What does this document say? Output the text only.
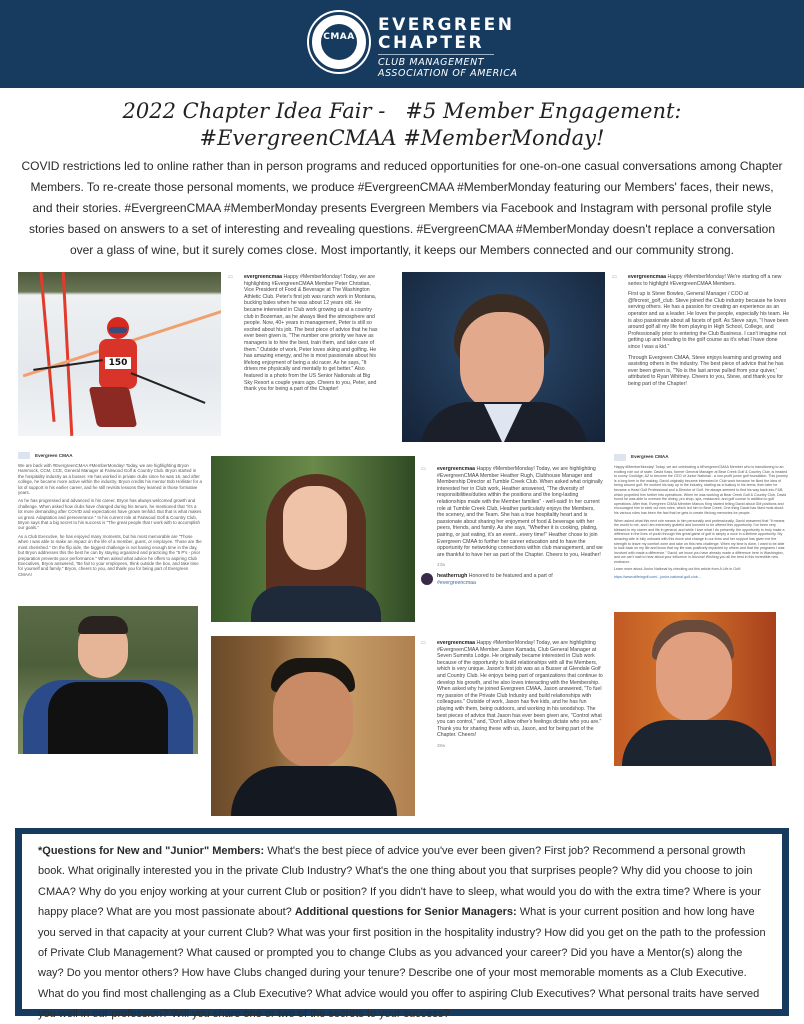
CMAA
EVERGREEN
CHAPTER
CLUB MANAGEMENT
ASSOCIATION OF AMERICA
2022 Chapter Idea Fair -   #5 Member Engagement:
#EvergreenCMAA #MemberMonday!
COVID restrictions led to online rather than in person programs and reduced opportunities for one-on-one casual conversations among Chapter Members. To re-create those personal moments, we produce #EvergreenCMAA #MemberMonday featuring our Members' faces, their news, and their stories. #EvergreenCMAA #MemberMonday presents Evergreen Members via Facebook and Instagram with personal profile style stories based on answers to a set of interesting and revealing questions. #EvergreenCMAA #MemberMonday doesn't replace a conversation over a glass of wine, but it surely comes close. Most importantly, it keeps our Members connected and our community strong.
150
▭	evergreencmaa Happy #MemberMonday! Today, we are highlighting #EvergreenCMAA Member Peter Christian, Vice President of Food & Beverage at The Washington Athletic Club. Peter's first job was ranch work in Montana, bucking bales when he was about 12 years old. He became interested in Club work growing up at a country club in Bozeman, as he always liked the atmosphere and people. Now, 40+ years in management, Peter is still so excited about his job. The best piece of advice that he has ever been given is, "The number one priority we have as managers is to hire the best, train them, and take care of them." Outside of work, Peter loves skiing and golfing. He has amazing energy, and he is most passionate about his lifelong enjoyment of being a ski racer. As he says, "It drives me physically and mentally to get better." Also featured is a photo from the US Senior Nationals at Big Sky Resort a couple years ago. Cheers to you, Peter, and thank you for being a part of the Chapter!

▭	evergreencmaa Happy #MemberMonday! We're starting off a new series to highlight #EvergreenCMAA Members.

First up is Steve Bowles, General Manager / COO at @fircrest_golf_club. Steve joined the Club industry because he loves serving others. He has a passion for creating an experience as an operator and as a leader. He loves the people, especially his team. He is also passionate about all facets of golf. As Steve says, "I have been around golf all my life from playing in High School, College, and Professionally prior to entering the Club Business. I can't imagine not getting up and heading to the golf course as it's what I have done since I was a kid."

Through Evergreen CMAA, Steve enjoys learning and growing and assisting others in the industry. The best piece of advice that he has ever been given is, "'No is the last arrow pulled from your quiver,' attributed to Ryan Whitney. Cheers to you, Steve, and thank you for being part of the Chapter!

Evergreen CMAA

We are back with #EvergreenCMAA #MemberMonday! Today, we are highlighting Bryon Hammock, CCM, CCE, General Manager at Fairwood Golf & Country Club. Bryon started in the hospitality industry as a busser. He has worked in private clubs since he was 16, and after college, he became more active within the industry. Bryon credits his mentor Bob Hollister for a lot of support in his earlier career, and he still revisits lessons they learned in those formative years.

As he has progressed and advanced in his career, Bryon has always welcomed growth and challenge. When asked how clubs have changed during his tenure, he mentioned that "it's a lot more demanding after COVID and expectations have grown tenfold. But that is what makes us great. Adaptation and perseverance." In his current role at Fairwood Golf & Country Club, Bryon says that a big secret to his success is "The great people that I work with to accomplish our goals."

As a Club Executive, he has enjoyed many moments, but his most memorable are "Those when I was able to make an impact on the life of a member, guest, or employee. Those are the most cherished." On the flip side, the biggest challenge is not having enough time in the day, but Bryon addresses this the best he can by staying organized and practicing the "5 P's - prior preparation prevents poor performance." When asked what advice he offers to aspiring Club Executives, Bryon answered, "Be fair to your employees, think outside the box, and take time for yourself and family." Bryon, cheers to you, and thank you for being part of Evergreen CMAA!

▭	evergreencmaa Happy #MemberMonday! Today, we are highlighting #EvergreenCMAA Member Heather Rugh, Clubhouse Manager and Membership Director at Tumble Creek Club. When asked what originally interested her in Club work, Heather answered, "The diversity of responsibilities/duties within the positions and the long-lasting relationships made with the Member families" - well-said! In her current role at Tumble Creek Club, Heather particularly enjoys the Members, the scenery, and the Team. She has a true hospitality heart and is passionate about sharing her enjoyment of food & beverage with her peers, friends, and family. As she says, "Whether it is cooking, plating, pairing, or just eating, it's an event...every time!" Heather chose to join Evergreen CMAA to further her career education and to have the opportunity for networking connections within club management, and we are thankful to have her as part of the Chapter. Cheers to you, Heather!

43w

heatherrugh Honored to be featured and a part of
#evergreencmaa
▭	evergreencmaa Happy #MemberMonday! Today, we are highlighting #EvergreenCMAA Member Jason Kamada, Club General Manager at Seven Summits Lodge. He originally became interested in Club work because of the opportunity to build relationships with all the Members, which is very unique. Jason's first job was as a Busser at Glendale Golf and Country Club. He enjoys being part of organizations that continue to develop his growth, and he also loves interacting with the Membership. When asked why he joined Evergreen CMAA, Jason answered, "To fuel my passion of the Private Club Industry and build relationships with colleagues." Outside of work, Jason has five kids, and he has fun playing with them, being outdoors, and working in his woodshop. The best pieces of advice that Jason has ever been given are, "Control what you can control," and, "Don't allow other's feelings dictate who you are." Thank you for sharing these with us, Jason, and for being part of the Chapter. Cheers!

38w

Evergreen CMAA

Happy #MemberMonday! Today, we are celebrating a #EvergreenCMAA Member who is transitioning to an exciting role out of state. David Kass, former General Manager at Bear Creek Golf & Country Club, is headed to sunny Coolidge, AZ to become the CEO of Junior National - a non-profit junior golf foundation. This journey is a long time in the making. David originally became interested in Club work because he liked the idea of being around golf. He worked his way up in the industry, starting as a busboy in his teens, then later he became a Head Golf Professional and a Director of Golf. He always seemed to find his way back into F&B, which propelled him further into operations. When he was working at Bear Creek Golf & Country Club, David found he was able to oversee the dining, pro shop, spa, restaurant, and golf course in addition to golf operations. After that, Evergreen CMAA Member Marcus King started telling David about GM positions and encouraged him to seek out new roles, which led him to Bear Creek. One thing David has liked most about his various roles has been the fact that he gets to create lifelong memories for people.

When asked what this next role means to him personally and professionally, David answered that "It means the world to me, and I am extremely grateful and honored to be offered this opportunity. I've been very blessed in my career and life in general, and while I love what I do presently, the opportunity to truly make a difference in the lives of youth through this great game of golf is simply a once in a lifetime opportunity. My amazing wife is fully onboard with this move and change in our lives and her support has given me the strength to leave my comfort zone and take on this new challenge. When my time is done, I want to be able to look back on my life and know that my life was positively impacted by others and that the programs I was involved with made a difference." David, we know you have already made a difference here in Washington, and we can't wait to hear about your influence in Arizona! Wishing you all the best in this incredible new endeavor.

Learn more about Junior National by checking out this article from A Life in Golf:

https://www.alifeingolf.com/...junior-national-golf-club...

*Questions for New and "Junior" Members: What's the best piece of advice you've ever been given? First job? Recommend a personal growth book. What originally interested you in the private Club Industry? What's the one thing about you that surprises people? Why did you choose to join CMAA? Why do you enjoy working at your current Club or position? If you didn't have to sleep, what would you do with the extra time? Where is your happy place? What are you most passionate about? Additional questions for Senior Managers: What is your current position and how long have you served in that capacity at your current Club? What was your first position in the hospitality industry? How did you get on the path to the profession of Private Club Management? What caused or prompted you to change Clubs as you advanced your career? Did you have a Mentor(s) along the way? Do you mentor others? How have Clubs changed during your tenure? Describe one of your most memorable moments as a Club Executive. What do you find most challenging as a Club Executive? What advice would you offer to aspiring Club Executives? What personal traits have served you well in our profession? Will you share one or two of the secrets to your success?
